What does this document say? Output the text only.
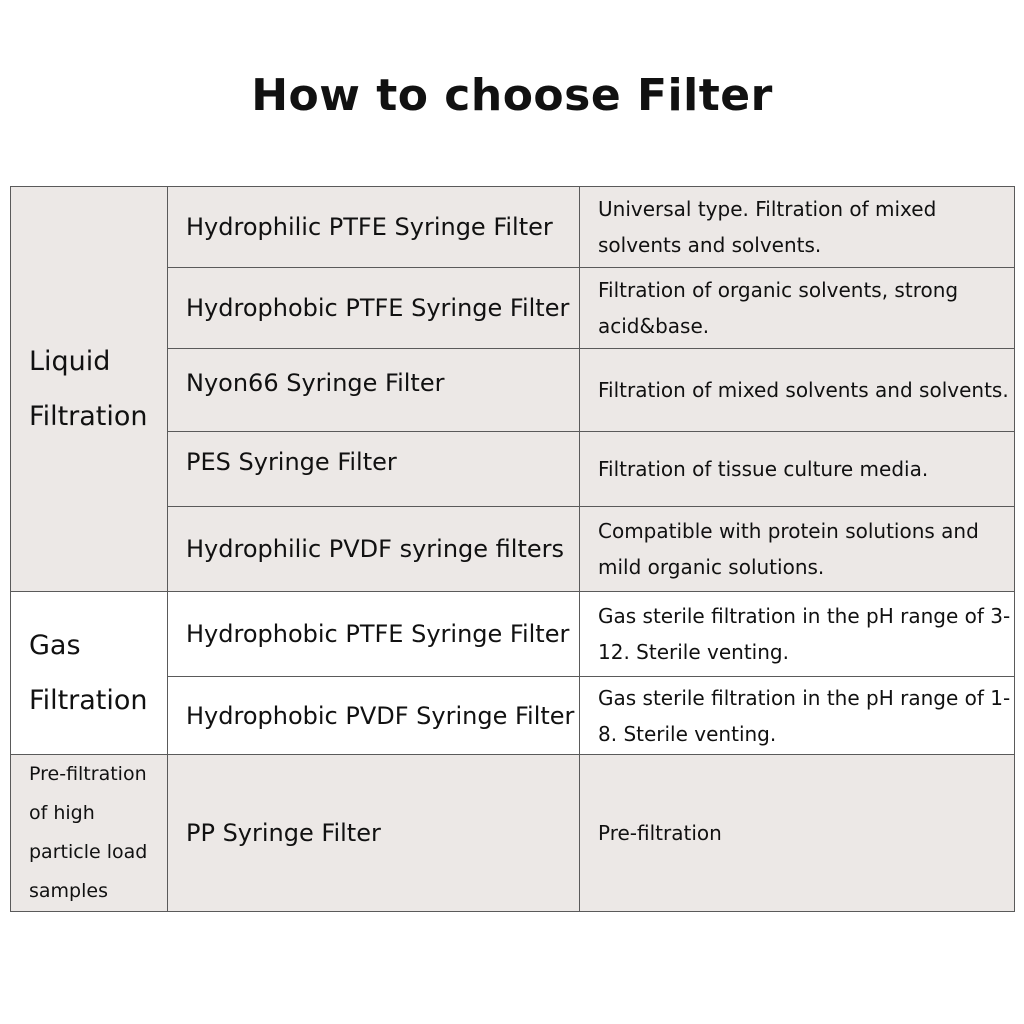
How to choose Filter
Liquid Filtration	Hydrophilic PTFE Syringe Filter	Universal type. Filtration of mixed solvents and solvents.
	Hydrophobic PTFE Syringe Filter	Filtration of organic solvents, strong acid&base.
	Nyon66 Syringe Filter	Filtration of mixed solvents and solvents.
	PES Syringe Filter	Filtration of tissue culture media.
	Hydrophilic PVDF syringe filters	Compatible with protein solutions and mild organic solutions.
Gas Filtration	Hydrophobic PTFE Syringe Filter	Gas sterile filtration in the pH range of 3-12. Sterile venting.
	Hydrophobic PVDF Syringe Filter	Gas sterile filtration in the pH range of 1-8. Sterile venting.
Pre-filtration of high particle load samples	PP Syringe Filter	Pre-filtration
